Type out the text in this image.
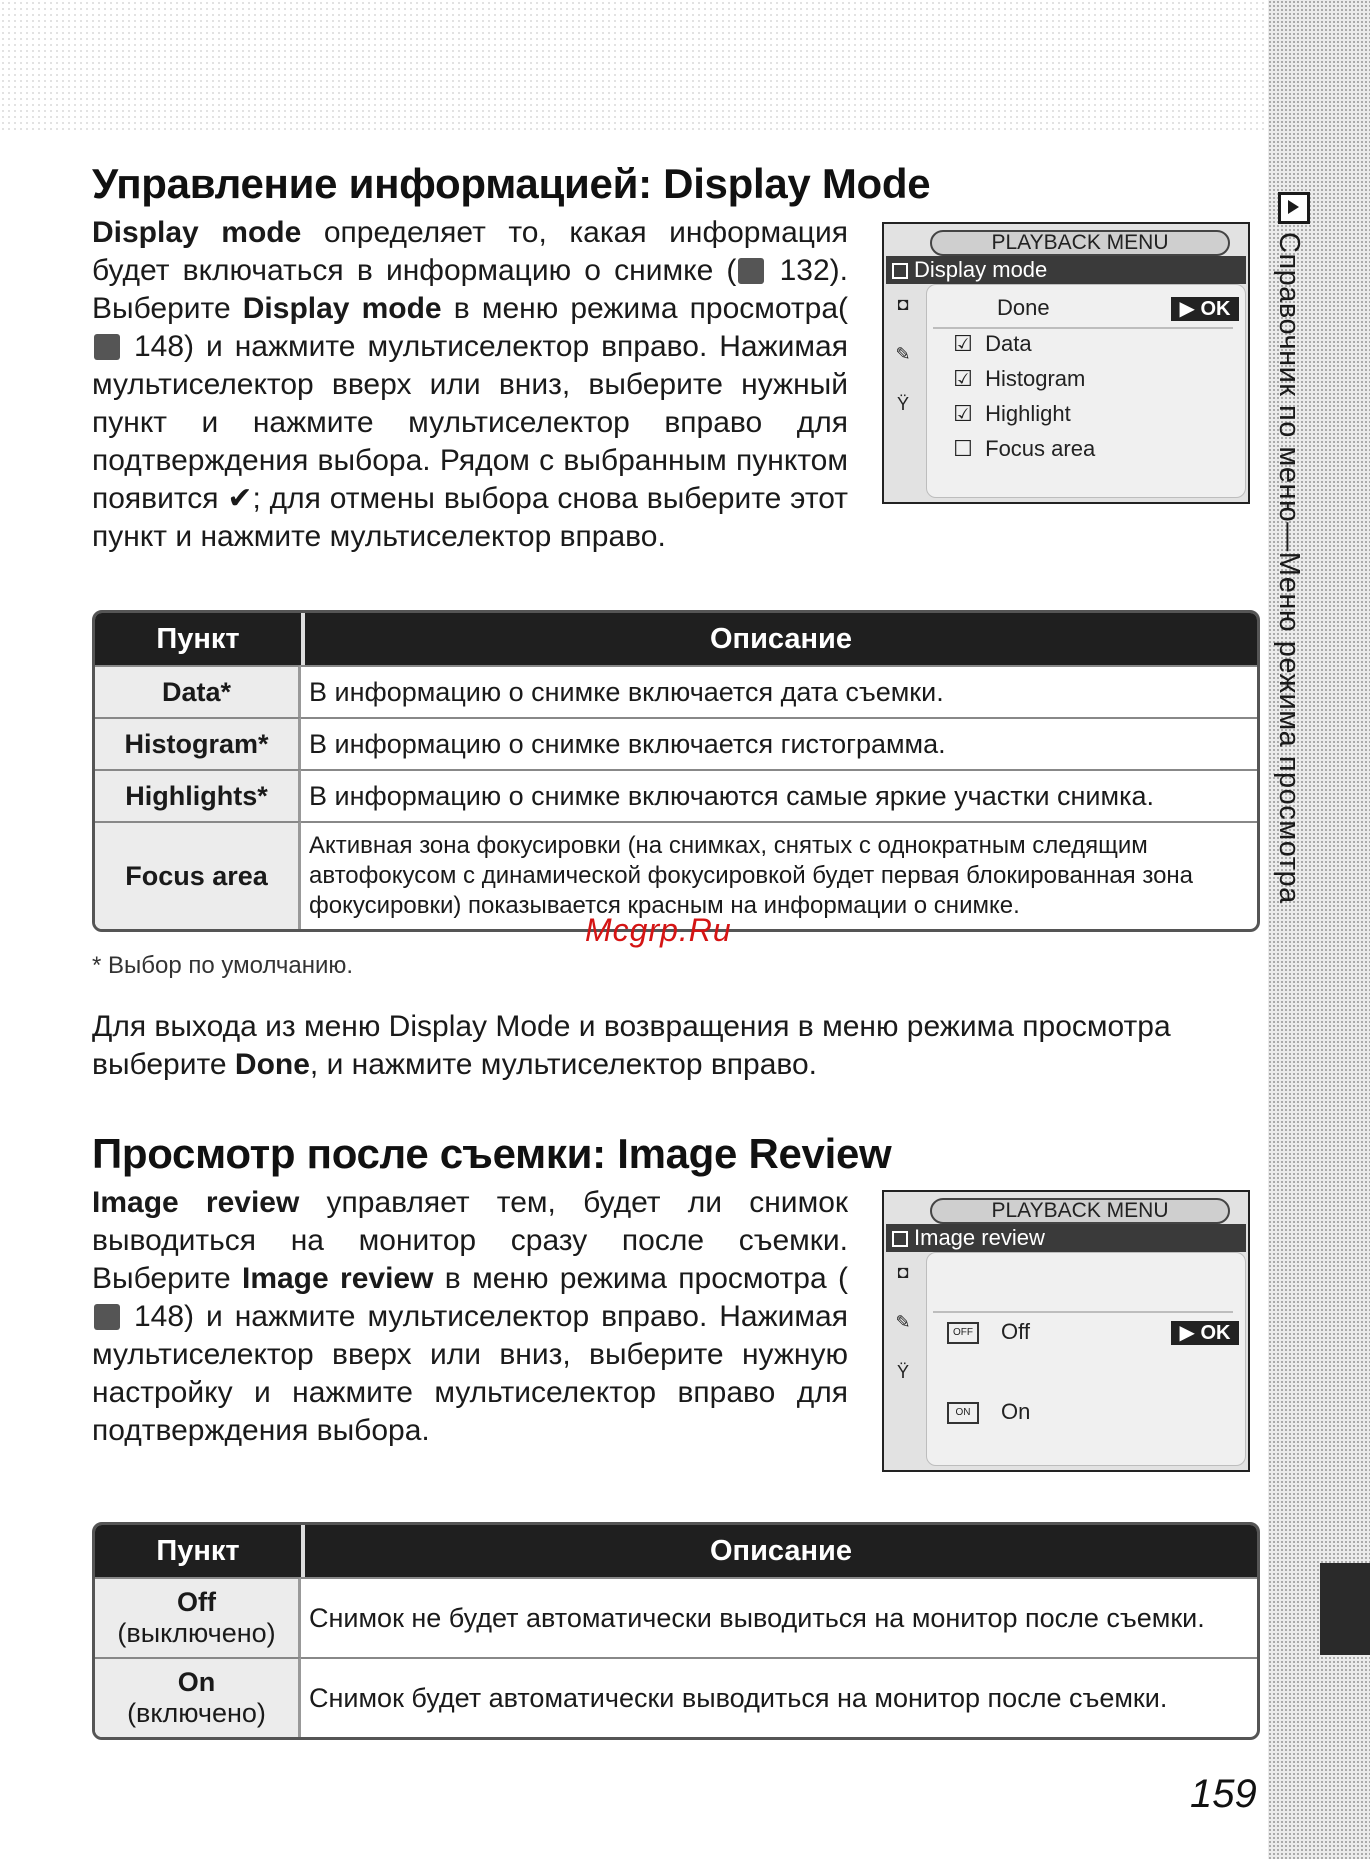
Справочник по меню—Меню режима просмотра
Управление информацией: Display Mode

Display mode определяет то, какая информация будет включаться в информацию о снимке ( 132). Выберите Display mode в меню режима просмотра( 148) и нажмите мультиселектор вправо. Нажимая мультиселектор вверх или вниз, выберите нужный пункт и нажмите мультиселектор вправо для подтверждения выбора. Рядом с выбранным пунктом появится ✔; для отмены выбора снова выберите этот пункт и нажмите мультиселектор вправо.

PLAYBACK MENU
Display mode
◘
✎
Ϋ
Done	▶ OK
☑ Data
☑ Histogram
☑ Highlight
☐ Focus area
Пункт	Описание
Data*	В информацию о снимке включается дата съемки.
Histogram*	В информацию о снимке включается гистограмма.
Highlights*	В информацию о снимке включаются самые яркие участки снимка.
Focus area	Активная зона фокусировки (на снимках, снятых с однократным следящим автофокусом с динамической фокусировкой будет первая блокированная зона фокусировки) показывается красным на информации о снимке.

* Выбор по умолчанию.

Для выхода из меню Display Mode и возвращения в меню режима просмотра выберите Done, и нажмите мультиселектор вправо.

Mcgrp.Ru
Просмотр после съемки: Image Review

Image review управляет тем, будет ли снимок выводиться на монитор сразу после съемки. Выберите Image review в меню режима просмотра ( 148) и нажмите мультиселектор вправо. Нажимая мультиселектор вверх или вниз, выберите нужную настройку и нажмите мультиселектор вправо для подтверждения выбора.

PLAYBACK MENU
Image review
◘
✎
Ϋ
OFF Off	▶ OK
ON On
Пункт	Описание
Off
(выключено)	Снимок не будет автоматически выводиться на монитор после съемки.
On
(включено)	Снимок будет автоматически выводиться на монитор после съемки.
159
